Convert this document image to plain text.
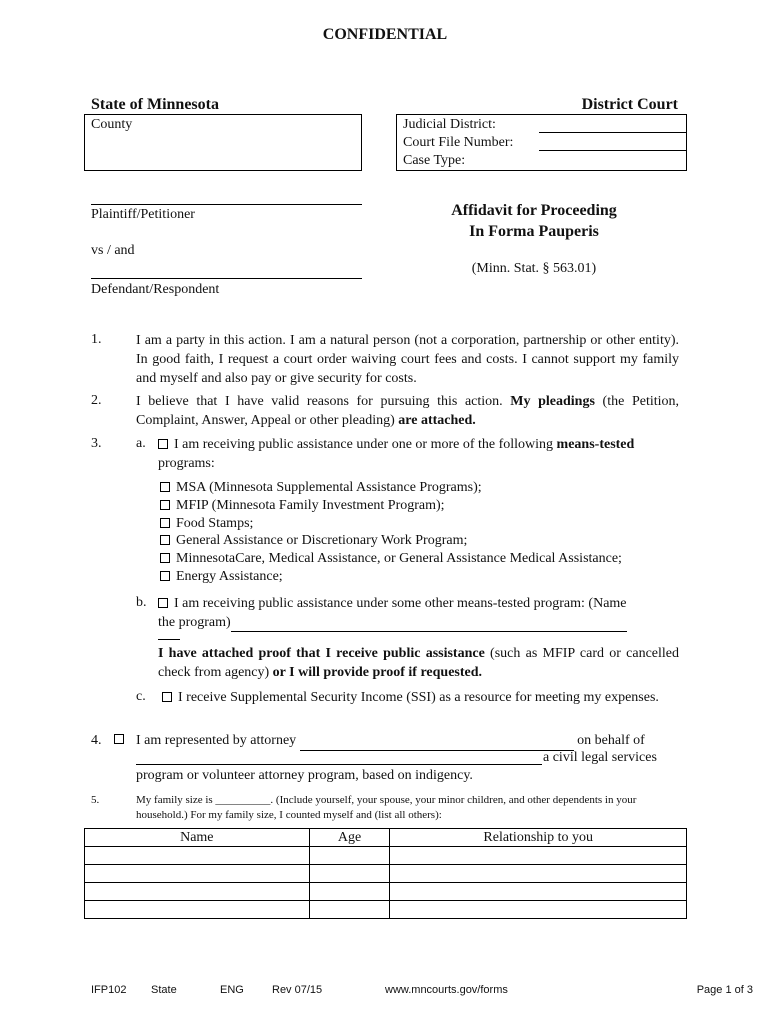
CONFIDENTIAL
State of Minnesota	District Court
County	Judicial District:
Court File Number:
Case Type:
Plaintiff/Petitioner
vs / and
Defendant/Respondent
Affidavit for Proceeding
In Forma Pauperis
(Minn. Stat. § 563.01)
1. I am a party in this action. I am a natural person (not a corporation, partnership or other entity). In good faith, I request a court order waiving court fees and costs. I cannot support my family and myself and also pay or give security for costs.
2. I believe that I have valid reasons for pursuing this action. My pleadings (the Petition, Complaint, Answer, Appeal or other pleading) are attached.
3. a.	I am receiving public assistance under one or more of the following means-tested
programs:
MSA (Minnesota Supplemental Assistance Programs);
MFIP (Minnesota Family Investment Program);
Food Stamps;
General Assistance or Discretionary Work Program;
MinnesotaCare, Medical Assistance, or General Assistance Medical Assistance;
Energy Assistance;
b.	I am receiving public assistance under some other means-tested program: (Name
the program)
I have attached proof that I receive public assistance (such as MFIP card or cancelled check from agency) or I will provide proof if requested.
c.	I receive Supplemental Security Income (SSI) as a resource for meeting my expenses.
4. I am represented by attorney	on behalf of
a civil legal services
program or volunteer attorney program, based on indigency.
5.	My family size is __________. (Include yourself, your spouse, your minor children, and other dependents in your household.) For my family size, I counted myself and (list all others):
Name	Age	Relationship to you

IFP102 State	ENG	Rev 07/15	www.mncourts.gov/forms	Page 1 of 3
